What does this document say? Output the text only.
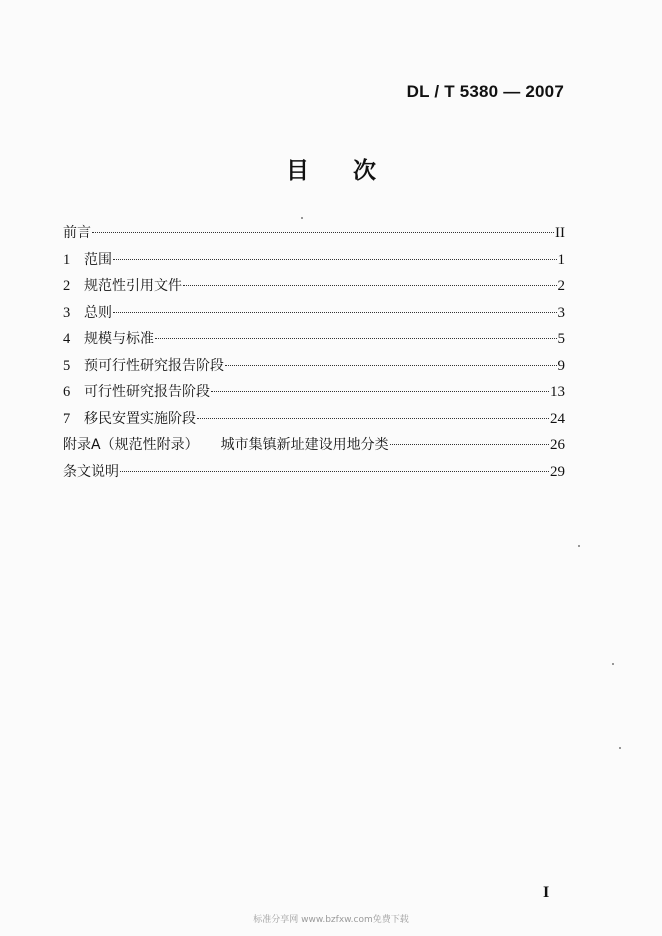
DL / T 5380 — 2007
目 次
前言	II
1 范围	1
2 规范性引用文件	2
3 总则	3
4 规模与标准	5
5 预可行性研究报告阶段	9
6 可行性研究报告阶段	13
7 移民安置实施阶段	24
附录A（规范性附录） 城市集镇新址建设用地分类	26
条文说明	29
I
标准分享网 www.bzfxw.com免费下载
